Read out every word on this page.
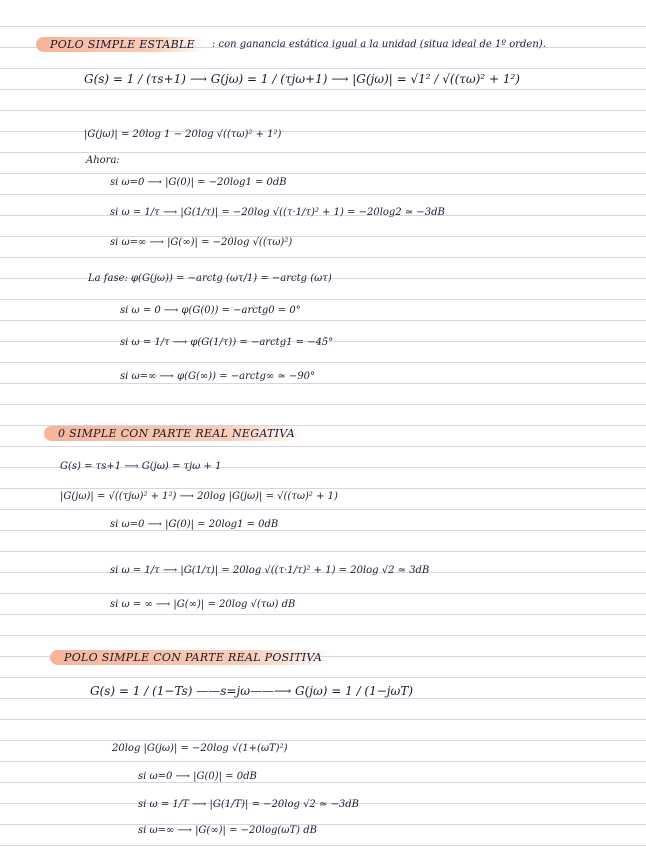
POLO SIMPLE ESTABLE	: con ganancia estática igual a la unidad (situa ideal de 1º orden).
G(s) = 1 / (τs+1) ⟶ G(jω) = 1 / (τjω+1) ⟶ |G(jω)| = √1² / √((τω)² + 1²)
|G(jω)| = 20log 1 − 20log √((τω)² + 1²)
Ahora:
si ω=0 ⟶ |G(0)| = −20log1 = 0dB
si ω = 1/τ ⟶ |G(1/τ)| = −20log √((τ·1/τ)² + 1) = −20log2 ≃ −3dB
si ω=∞ ⟶ |G(∞)| = −20log √((τω)²)
La fase: φ(G(jω)) = −arctg (ωτ/1) = −arctg (ωτ)
si ω = 0 ⟶ φ(G(0)) = −arctg0 = 0°
si ω = 1/τ ⟶ φ(G(1/τ)) = −arctg1 = −45°
si ω=∞ ⟶ φ(G(∞)) = −arctg∞ ≃ −90°
0 SIMPLE CON PARTE REAL NEGATIVA
G(s) = τs+1 ⟶ G(jω) = τjω + 1
|G(jω)| = √((τjω)² + 1²) ⟶ 20log |G(jω)| = √((τω)² + 1)
si ω=0 ⟶ |G(0)| = 20log1 = 0dB
si ω = 1/τ ⟶ |G(1/τ)| = 20log √((τ·1/τ)² + 1) = 20log √2 ≃ 3dB
si ω = ∞ ⟶ |G(∞)| = 20log √(τω) dB
POLO SIMPLE CON PARTE REAL POSITIVA
G(s) = 1 / (1−Ts) ——s=jω——⟶ G(jω) = 1 / (1−jωT)
20log |G(jω)| = −20log √(1+(ωT)²)
si ω=0 ⟶ |G(0)| = 0dB
si ω = 1/T ⟶ |G(1/T)| = −20log √2 ≃ −3dB
si ω=∞ ⟶ |G(∞)| = −20log(ωT) dB
